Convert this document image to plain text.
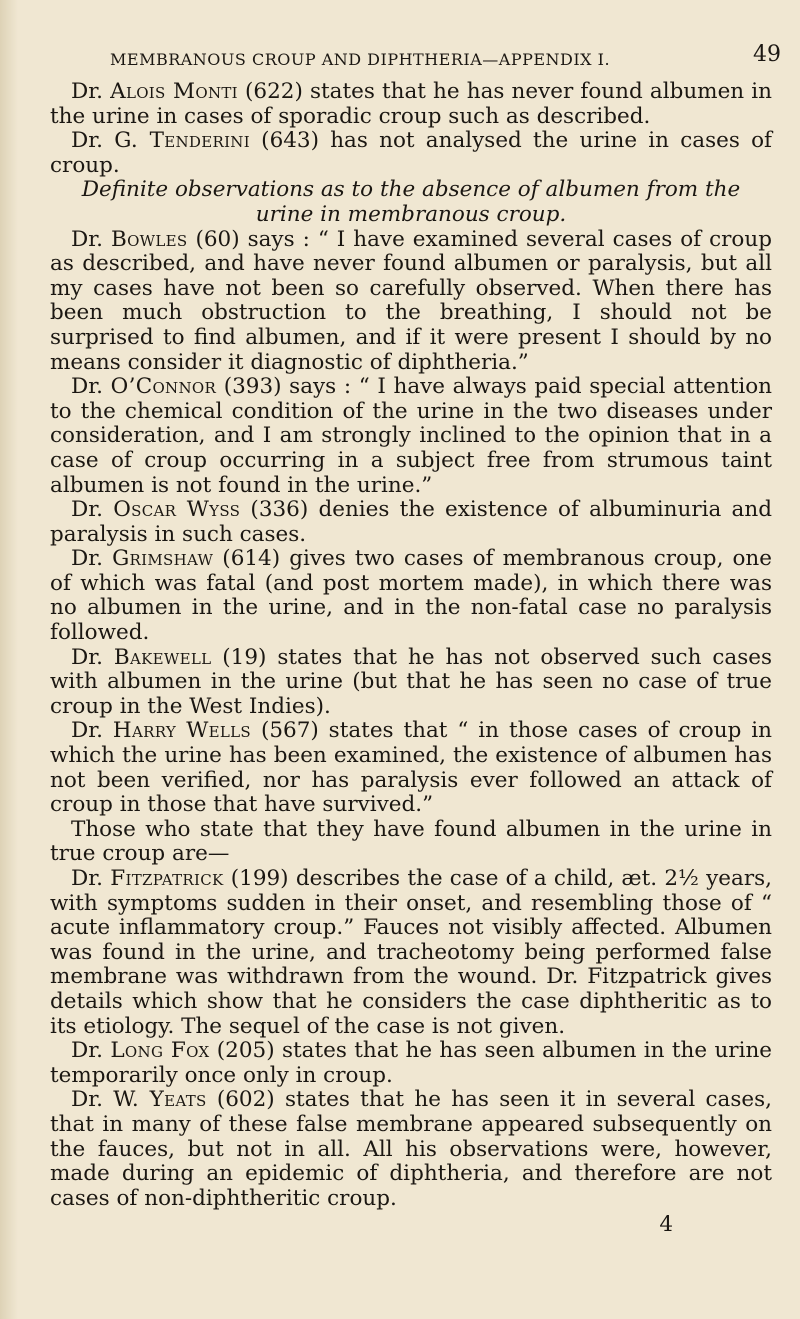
MEMBRANOUS CROUP AND DIPHTHERIA—APPENDIX I.	49

Dr. Alois Monti (622) states that he has never found albumen in the urine in cases of sporadic croup such as described.

Dr. G. Tenderini (643) has not analysed the urine in cases of croup.

Definite observations as to the absence of albumen from the urine in membranous croup.

Dr. Bowles (60) says : “ I have examined several cases of croup as described, and have never found albumen or paralysis, but all my cases have not been so carefully observed. When there has been much obstruction to the breathing, I should not be surprised to find albumen, and if it were present I should by no means consider it diagnostic of diphtheria.”

Dr. O’Connor (393) says : “ I have always paid special attention to the chemical condition of the urine in the two diseases under consideration, and I am strongly inclined to the opinion that in a case of croup occurring in a subject free from strumous taint albumen is not found in the urine.”

Dr. Oscar Wyss (336) denies the existence of albuminuria and paralysis in such cases.

Dr. Grimshaw (614) gives two cases of membranous croup, one of which was fatal (and post mortem made), in which there was no albumen in the urine, and in the non-fatal case no paralysis followed.

Dr. Bakewell (19) states that he has not observed such cases with albumen in the urine (but that he has seen no case of true croup in the West Indies).

Dr. Harry Wells (567) states that “ in those cases of croup in which the urine has been examined, the existence of albumen has not been verified, nor has paralysis ever followed an attack of croup in those that have survived.”

Those who state that they have found albumen in the urine in true croup are—

Dr. Fitzpatrick (199) describes the case of a child, æt. 2½ years, with symptoms sudden in their onset, and resembling those of “ acute inflammatory croup.” Fauces not visibly affected. Albumen was found in the urine, and tracheotomy being performed false membrane was withdrawn from the wound. Dr. Fitzpatrick gives details which show that he considers the case diphtheritic as to its etiology. The sequel of the case is not given.

Dr. Long Fox (205) states that he has seen albumen in the urine temporarily once only in croup.

Dr. W. Yeats (602) states that he has seen it in several cases, that in many of these false membrane appeared subsequently on the fauces, but not in all. All his observations were, however, made during an epidemic of diphtheria, and therefore are not cases of non-diphtheritic croup.

4
